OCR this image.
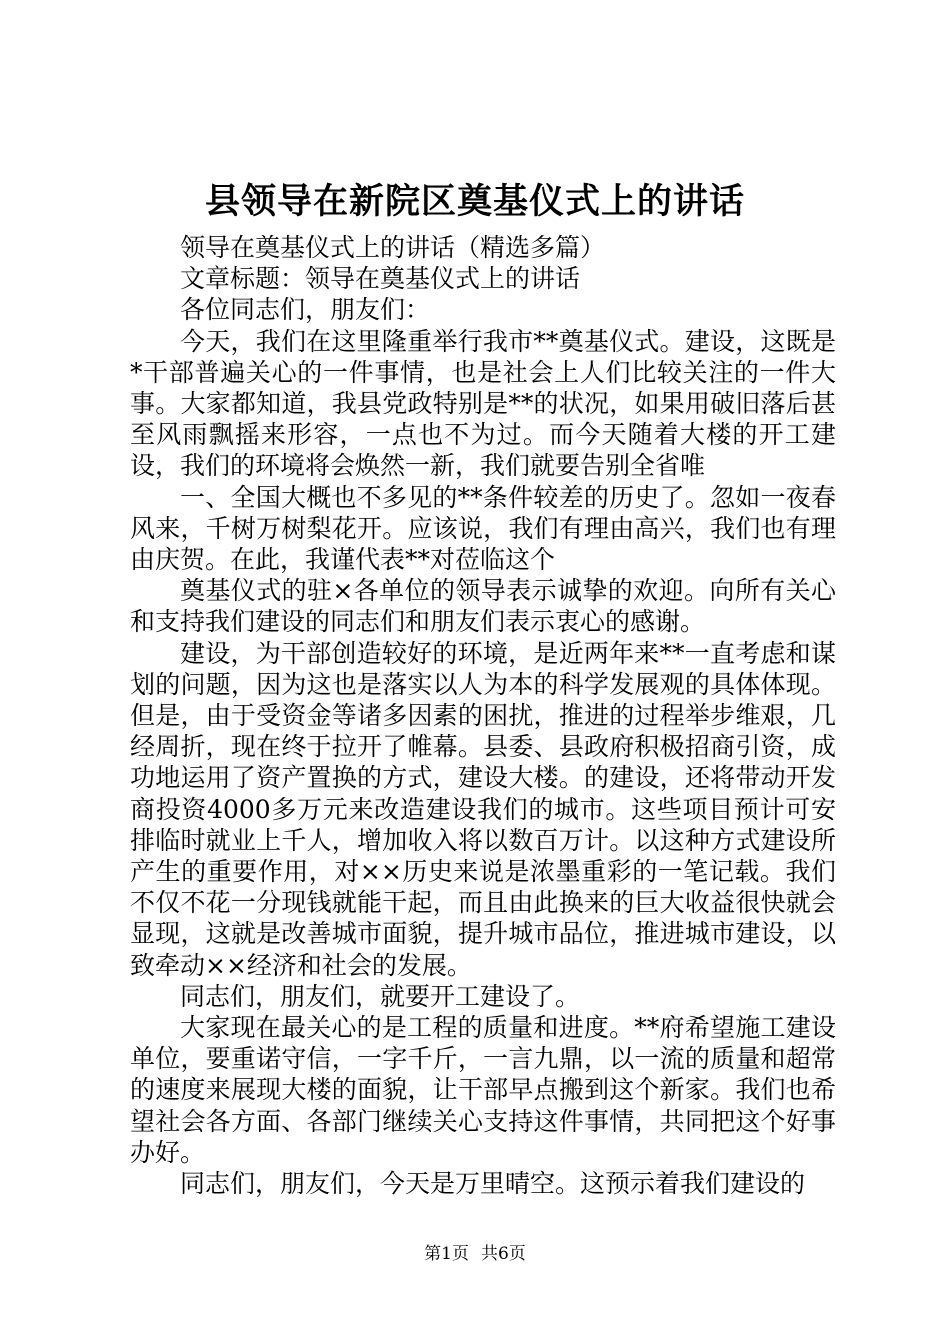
县领导在新院区奠基仪式上的讲话

领导在奠基仪式上的讲话（精选多篇）

文章标题：领导在奠基仪式上的讲话

各位同志们，朋友们：

今天，我们在这里隆重举行我市**奠基仪式。建设，这既是*干部普遍关心的一件事情，也是社会上人们比较关注的一件大事。大家都知道，我县党政特别是**的状况，如果用破旧落后甚至风雨飘摇来形容，一点也不为过。而今天随着大楼的开工建设，我们的环境将会焕然一新，我们就要告别全省唯

一、全国大概也不多见的**条件较差的历史了。忽如一夜春风来，千树万树梨花开。应该说，我们有理由高兴，我们也有理由庆贺。在此，我谨代表**对莅临这个

奠基仪式的驻×各单位的领导表示诚挚的欢迎。向所有关心和支持我们建设的同志们和朋友们表示衷心的感谢。

建设，为干部创造较好的环境，是近两年来**一直考虑和谋划的问题，因为这也是落实以人为本的科学发展观的具体体现。但是，由于受资金等诸多因素的困扰，推进的过程举步维艰，几经周折，现在终于拉开了帷幕。县委、县政府积极招商引资，成功地运用了资产置换的方式，建设大楼。的建设，还将带动开发商投资4000多万元来改造建设我们的城市。这些项目预计可安排临时就业上千人，增加收入将以数百万计。以这种方式建设所产生的重要作用，对××历史来说是浓墨重彩的一笔记载。我们不仅不花一分现钱就能干起，而且由此换来的巨大收益很快就会显现，这就是改善城市面貌，提升城市品位，推进城市建设，以致牵动××经济和社会的发展。

同志们，朋友们，就要开工建设了。

大家现在最关心的是工程的质量和进度。**府希望施工建设单位，要重诺守信，一字千斤，一言九鼎，以一流的质量和超常的速度来展现大楼的面貌，让干部早点搬到这个新家。我们也希望社会各方面、各部门继续关心支持这件事情，共同把这个好事办好。

同志们，朋友们，今天是万里晴空。这预示着我们建设的

第1页 共6页
